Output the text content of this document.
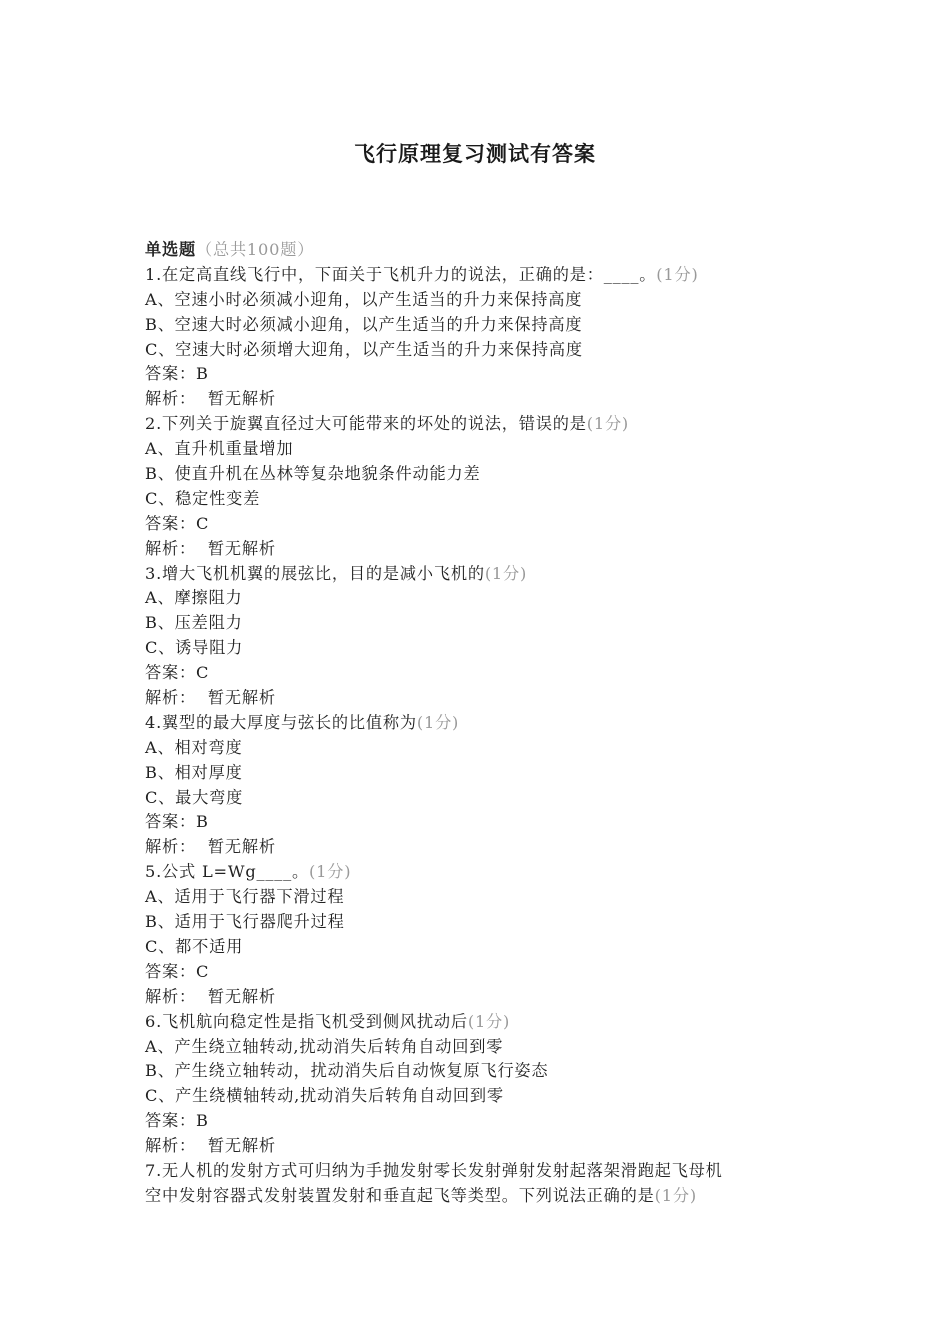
飞行原理复习测试有答案
单选题（总共100题）
1.在定高直线飞行中，下面关于飞机升力的说法，正确的是：____。(1分)
A、空速小时必须减小迎角，以产生适当的升力来保持高度
B、空速大时必须减小迎角，以产生适当的升力来保持高度
C、空速大时必须增大迎角，以产生适当的升力来保持高度
答案：B
解析：  暂无解析
2.下列关于旋翼直径过大可能带来的坏处的说法，错误的是(1分)
A、直升机重量增加
B、使直升机在丛林等复杂地貌条件动能力差
C、稳定性变差
答案：C
解析：  暂无解析
3.增大飞机机翼的展弦比，目的是减小飞机的(1分)
A、摩擦阻力
B、压差阻力
C、诱导阻力
答案：C
解析：  暂无解析
4.翼型的最大厚度与弦长的比值称为(1分)
A、相对弯度
B、相对厚度
C、最大弯度
答案：B
解析：  暂无解析
5.公式 L=Wg____。(1分)
A、适用于飞行器下滑过程
B、适用于飞行器爬升过程
C、都不适用
答案：C
解析：  暂无解析
6.飞机航向稳定性是指飞机受到侧风扰动后(1分)
A、产生绕立轴转动,扰动消失后转角自动回到零
B、产生绕立轴转动，扰动消失后自动恢复原飞行姿态
C、产生绕横轴转动,扰动消失后转角自动回到零
答案：B
解析：  暂无解析
7.无人机的发射方式可归纳为手抛发射零长发射弹射发射起落架滑跑起飞母机
空中发射容器式发射装置发射和垂直起飞等类型。下列说法正确的是(1分)
